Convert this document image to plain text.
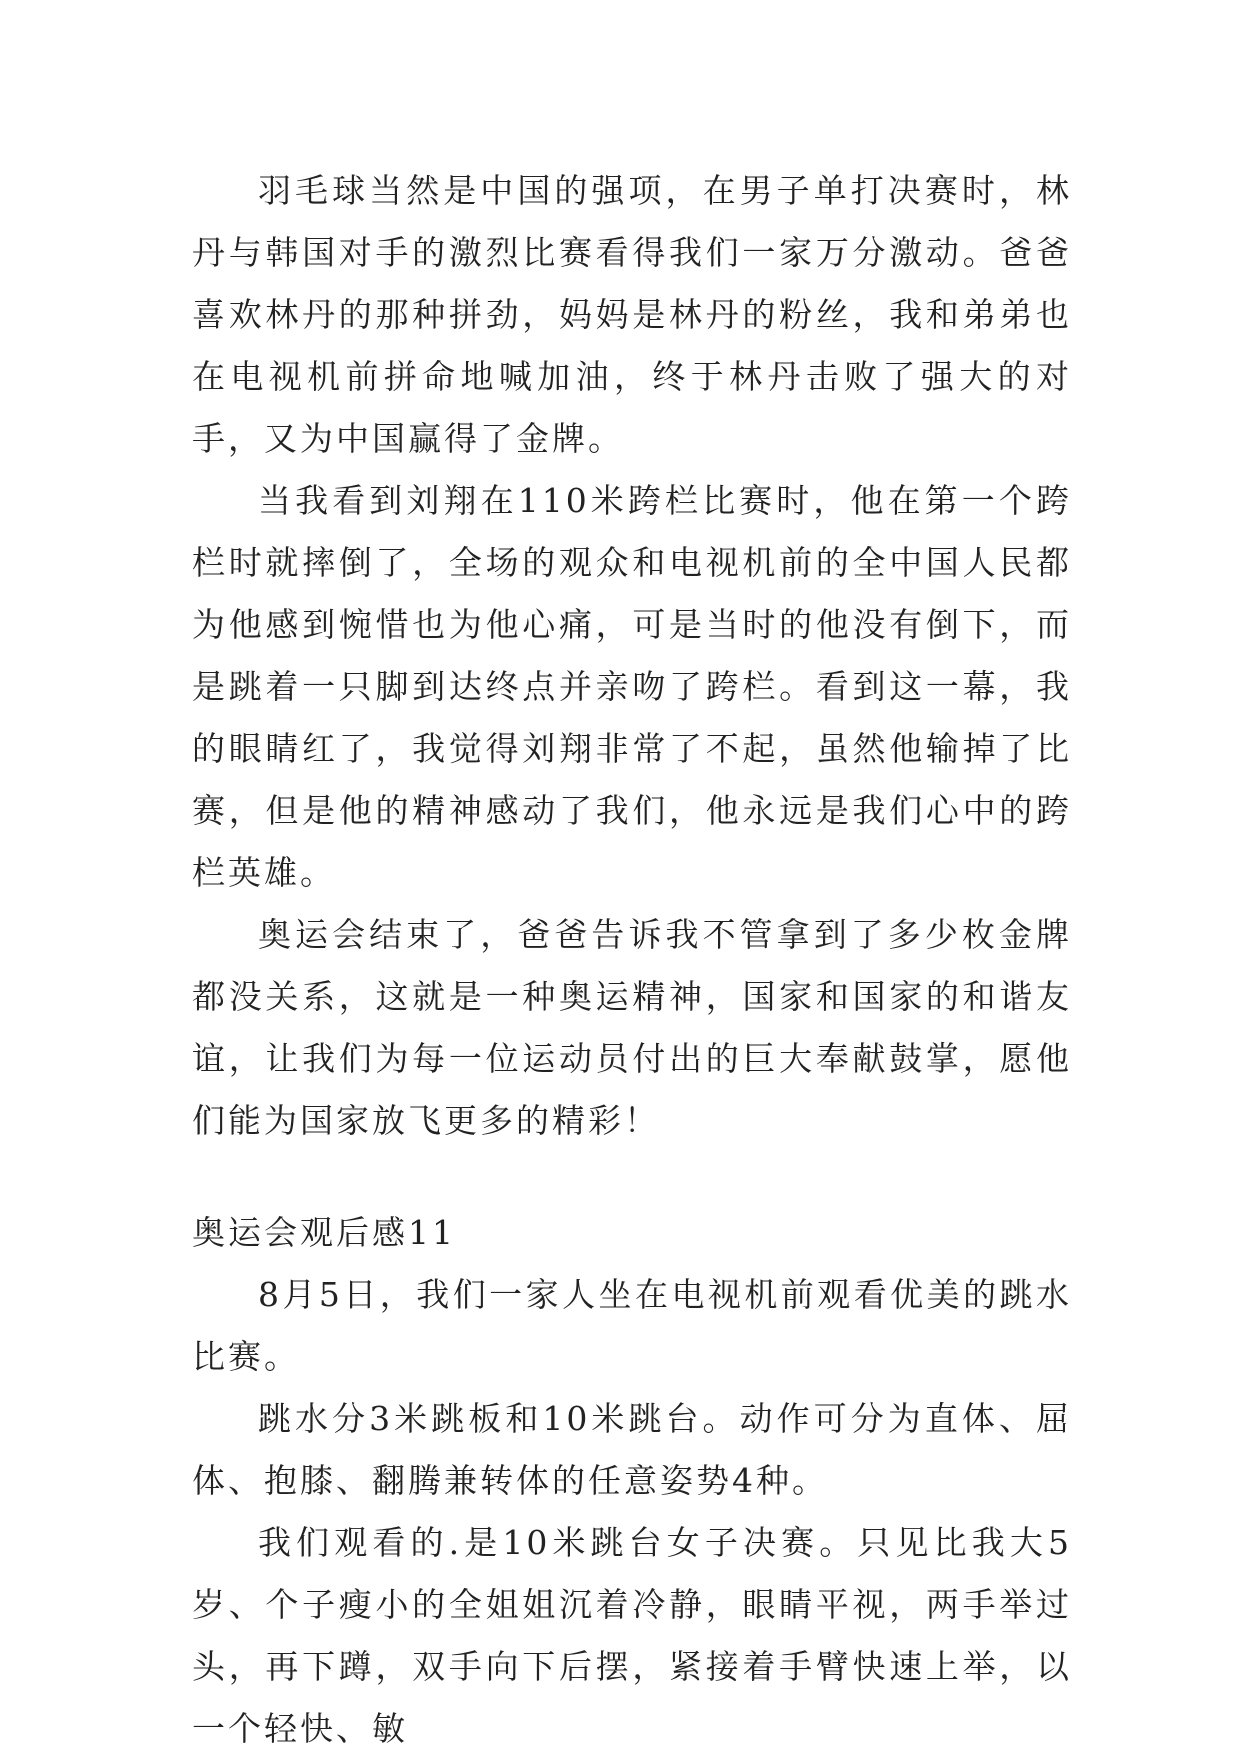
羽毛球当然是中国的强项，在男子单打决赛时，林丹与韩国对手的激烈比赛看得我们一家万分激动。爸爸喜欢林丹的那种拼劲，妈妈是林丹的粉丝，我和弟弟也在电视机前拼命地喊加油，终于林丹击败了强大的对手，又为中国赢得了金牌。

当我看到刘翔在110米跨栏比赛时，他在第一个跨栏时就摔倒了，全场的观众和电视机前的全中国人民都为他感到惋惜也为他心痛，可是当时的他没有倒下，而是跳着一只脚到达终点并亲吻了跨栏。看到这一幕，我的眼睛红了，我觉得刘翔非常了不起，虽然他输掉了比赛，但是他的精神感动了我们，他永远是我们心中的跨栏英雄。

奥运会结束了，爸爸告诉我不管拿到了多少枚金牌都没关系，这就是一种奥运精神，国家和国家的和谐友谊，让我们为每一位运动员付出的巨大奉献鼓掌，愿他们能为国家放飞更多的精彩！

奥运会观后感11

8月5日，我们一家人坐在电视机前观看优美的跳水比赛。

跳水分3米跳板和10米跳台。动作可分为直体、屈体、抱膝、翻腾兼转体的任意姿势4种。

我们观看的.是10米跳台女子决赛。只见比我大5岁、个子瘦小的全姐姐沉着冷静，眼睛平视，两手举过头，再下蹲，双手向下后摆，紧接着手臂快速上举，以一个轻快、敏
